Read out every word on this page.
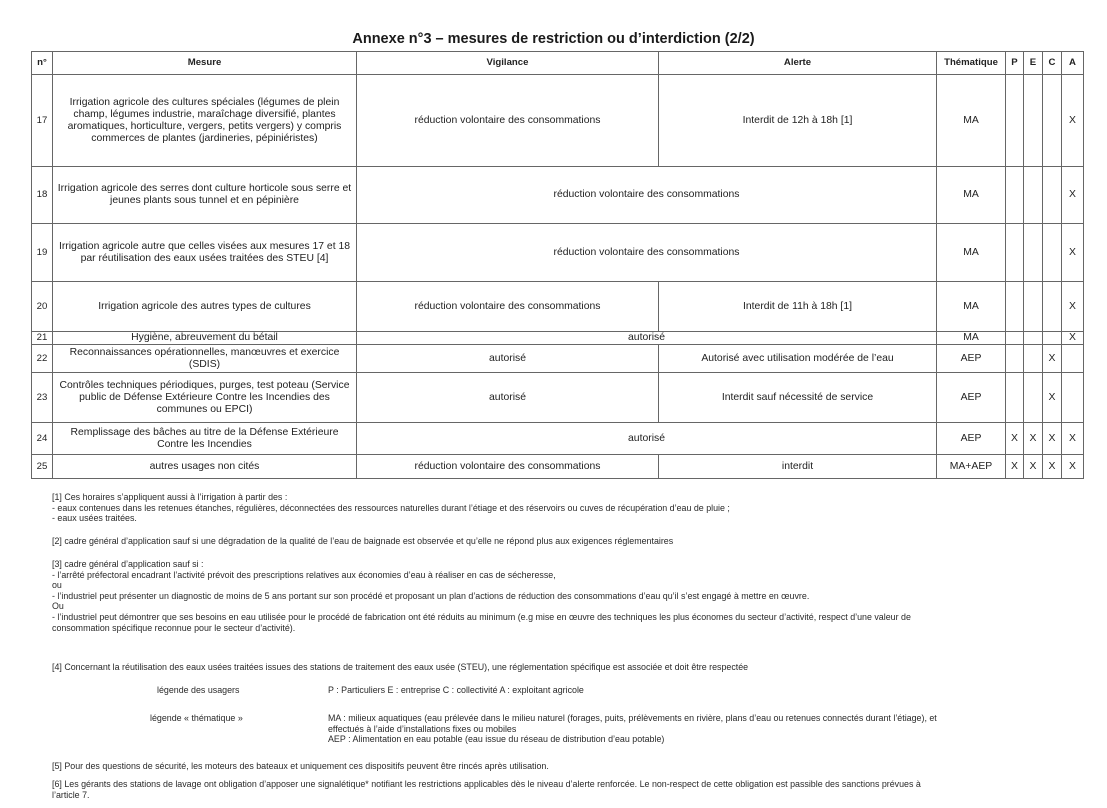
Annexe n°3 – mesures de restriction ou d’interdiction (2/2)
n°	Mesure	Vigilance	Alerte	Thématique	P	E	C	A
17	Irrigation agricole des cultures spéciales (légumes de plein champ, légumes industrie, maraîchage diversifié, plantes aromatiques, horticulture, vergers, petits vergers) y compris commerces de plantes (jardineries, pépiniéristes)	réduction volontaire des consommations	Interdit de 12h à 18h [1]	MA				X
18	Irrigation agricole des serres dont culture horticole sous serre et jeunes plants sous tunnel et en pépinière	réduction volontaire des consommations		MA				X
19	Irrigation agricole autre que celles visées aux mesures 17 et 18 par réutilisation des eaux usées traitées des STEU [4]	réduction volontaire des consommations		MA				X
20	Irrigation agricole des autres types de cultures	réduction volontaire des consommations	Interdit de 11h à 18h [1]	MA				X
21	Hygiène, abreuvement du bétail	autorisé		MA				X
22	Reconnaissances opérationnelles, manœuvres et exercice (SDIS)	autorisé	Autorisé avec utilisation modérée de l’eau	AEP			X	
23	Contrôles techniques périodiques, purges, test poteau (Service public de Défense Extérieure Contre les Incendies des communes ou EPCI)	autorisé	Interdit sauf nécessité de service	AEP			X	
24	Remplissage des bâches au titre de la Défense Extérieure Contre les Incendies	autorisé		AEP	X	X	X	X
25	autres usages non cités	réduction volontaire des consommations	interdit	MA+AEP	X	X	X	X

[1] Ces horaires s’appliquent aussi à l’irrigation à partir des :

- eaux contenues dans les retenues étanches, régulières, déconnectées des ressources naturelles durant l’étiage et des réservoirs ou cuves de récupération d’eau de pluie ;

- eaux usées traitées.

[2] cadre général d’application sauf si une dégradation de la qualité de l’eau de baignade est observée et qu’elle ne répond plus aux exigences réglementaires

[3] cadre général d’application sauf si :

- l’arrêté préfectoral encadrant l’activité prévoit des prescriptions relatives aux économies d’eau à réaliser en cas de sécheresse,

ou

- l’industriel peut présenter un diagnostic de moins de 5 ans portant sur son procédé et proposant un plan d’actions de réduction des consommations d’eau qu’il s’est engagé à mettre en œuvre.

Ou

- l’industriel peut démontrer que ses besoins en eau utilisée pour le procédé de fabrication ont été réduits au minimum (e.g mise en œuvre des techniques les plus économes du secteur d’activité, respect d’une valeur de

consommation spécifique reconnue pour le secteur d’activité).

[4] Concernant la réutilisation des eaux usées traitées issues des stations de traitement des eaux usée (STEU), une réglementation spécifique est associée et doit être respectée

légende des usagers	P : Particuliers E : entreprise C : collectivité A : exploitant agricole
légende « thématique »	MA : milieux aquatiques (eau prélevée dans le milieu naturel (forages, puits, prélèvements en rivière, plans d’eau ou retenues connectés durant l’étiage), et
effectués à l’aide d’installations fixes ou mobiles
AEP : Alimentation en eau potable (eau issue du réseau de distribution d’eau potable)
[5] Pour des questions de sécurité, les moteurs des bateaux et uniquement ces dispositifs peuvent être rincés après utilisation.
[6] Les gérants des stations de lavage ont obligation d’apposer une signalétique* notifiant les restrictions applicables dès le niveau d’alerte renforcée. Le non-respect de cette obligation est passible des sanctions prévues à
l’article 7.
